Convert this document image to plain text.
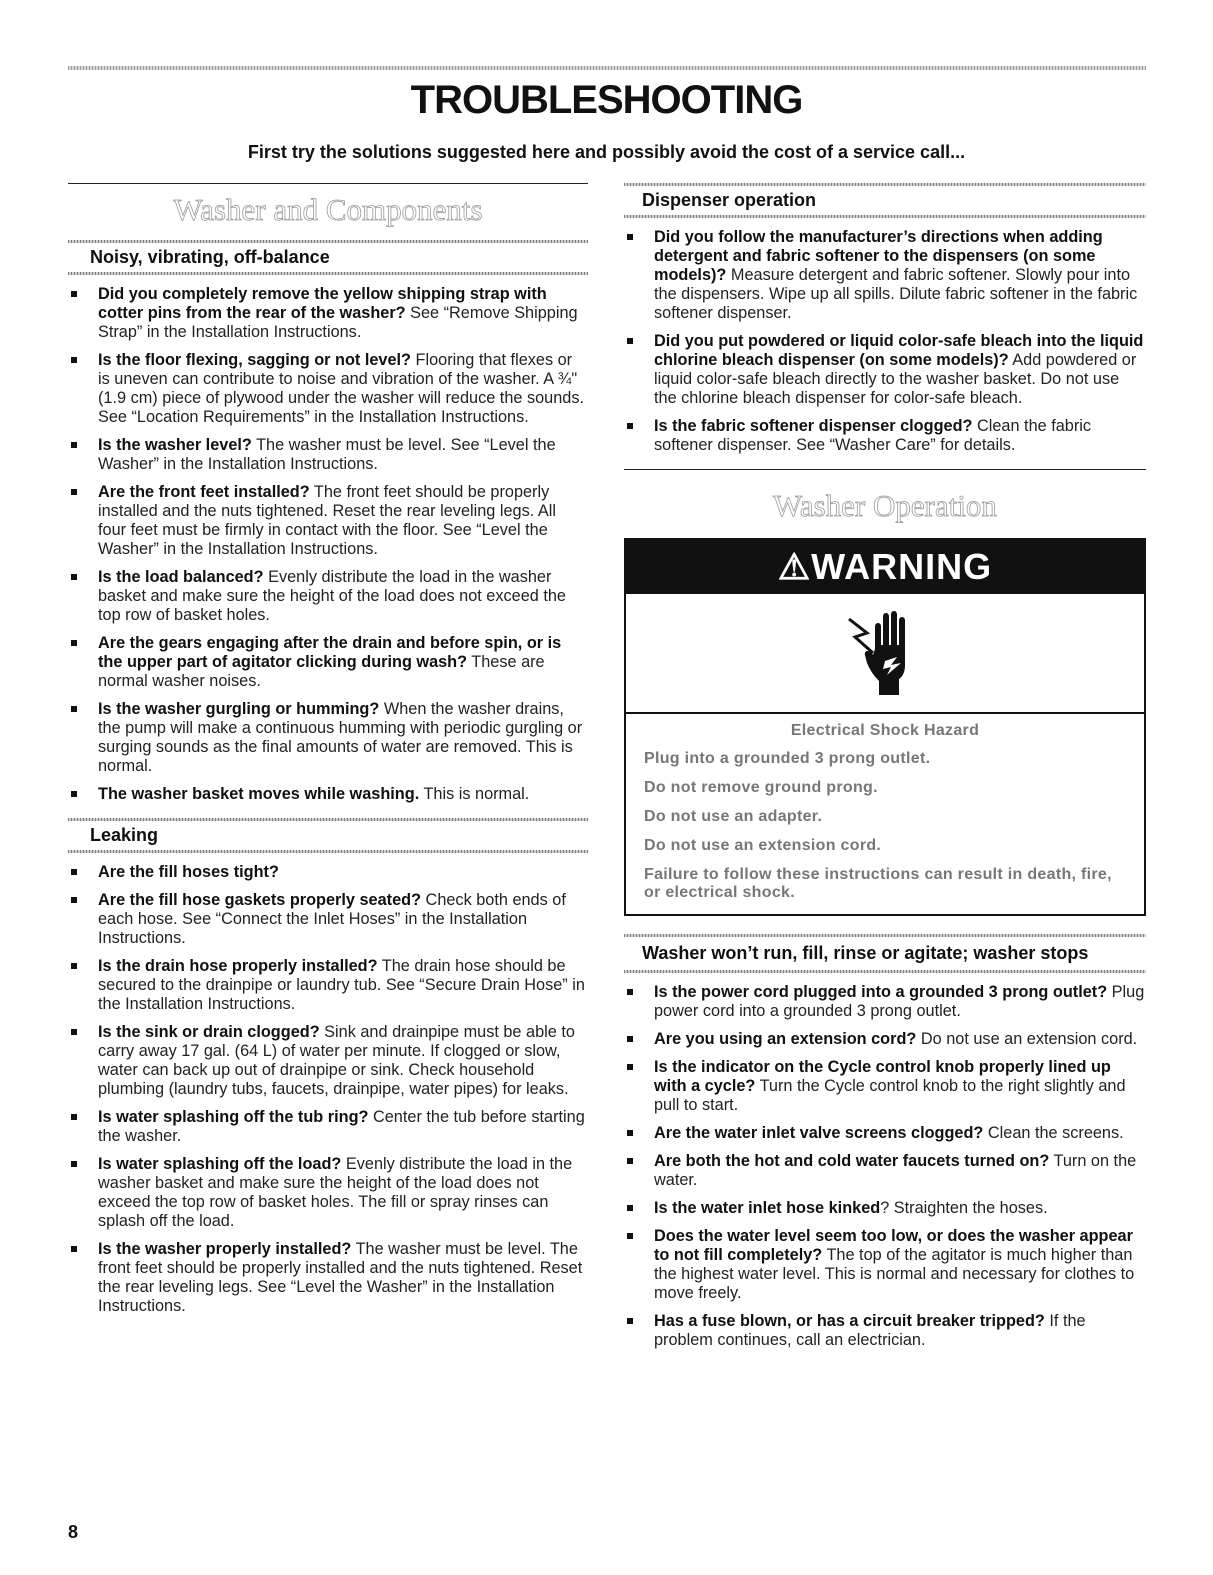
TROUBLESHOOTING

First try the solutions suggested here and possibly avoid the cost of a service call...

Washer and Components
Noisy, vibrating, off-balance
Did you completely remove the yellow shipping strap with cotter pins from the rear of the washer? See “Remove Shipping Strap” in the Installation Instructions.
Is the floor flexing, sagging or not level? Flooring that flexes or is uneven can contribute to noise and vibration of the washer. A ¾" (1.9 cm) piece of plywood under the washer will reduce the sounds. See “Location Requirements” in the Installation Instructions.
Is the washer level? The washer must be level. See “Level the Washer” in the Installation Instructions.
Are the front feet installed? The front feet should be properly installed and the nuts tightened. Reset the rear leveling legs. All four feet must be firmly in contact with the floor. See “Level the Washer” in the Installation Instructions.
Is the load balanced? Evenly distribute the load in the washer basket and make sure the height of the load does not exceed the top row of basket holes.
Are the gears engaging after the drain and before spin, or is the upper part of agitator clicking during wash? These are normal washer noises.
Is the washer gurgling or humming? When the washer drains, the pump will make a continuous humming with periodic gurgling or surging sounds as the final amounts of water are removed. This is normal.
The washer basket moves while washing. This is normal.
Leaking
Are the fill hoses tight?
Are the fill hose gaskets properly seated? Check both ends of each hose. See “Connect the Inlet Hoses” in the Installation Instructions.
Is the drain hose properly installed? The drain hose should be secured to the drainpipe or laundry tub. See “Secure Drain Hose” in the Installation Instructions.
Is the sink or drain clogged? Sink and drainpipe must be able to carry away 17 gal. (64 L) of water per minute. If clogged or slow, water can back up out of drainpipe or sink. Check household plumbing (laundry tubs, faucets, drainpipe, water pipes) for leaks.
Is water splashing off the tub ring? Center the tub before starting the washer.
Is water splashing off the load? Evenly distribute the load in the washer basket and make sure the height of the load does not exceed the top row of basket holes. The fill or spray rinses can splash off the load.
Is the washer properly installed? The washer must be level. The front feet should be properly installed and the nuts tightened. Reset the rear leveling legs. See “Level the Washer” in the Installation Instructions.
Dispenser operation
Did you follow the manufacturer’s directions when adding detergent and fabric softener to the dispensers (on some models)? Measure detergent and fabric softener. Slowly pour into the dispensers. Wipe up all spills. Dilute fabric softener in the fabric softener dispenser.
Did you put powdered or liquid color-safe bleach into the liquid chlorine bleach dispenser (on some models)? Add powdered or liquid color-safe bleach directly to the washer basket. Do not use the chlorine bleach dispenser for color-safe bleach.
Is the fabric softener dispenser clogged? Clean the fabric softener dispenser. See “Washer Care” for details.
Washer Operation
⚠WARNING

Electrical Shock Hazard

Plug into a grounded 3 prong outlet.

Do not remove ground prong.

Do not use an adapter.

Do not use an extension cord.

Failure to follow these instructions can result in death, fire, or electrical shock.

Washer won’t run, fill, rinse or agitate; washer stops
Is the power cord plugged into a grounded 3 prong outlet? Plug power cord into a grounded 3 prong outlet.
Are you using an extension cord? Do not use an extension cord.
Is the indicator on the Cycle control knob properly lined up with a cycle? Turn the Cycle control knob to the right slightly and pull to start.
Are the water inlet valve screens clogged? Clean the screens.
Are both the hot and cold water faucets turned on? Turn on the water.
Is the water inlet hose kinked? Straighten the hoses.
Does the water level seem too low, or does the washer appear to not fill completely? The top of the agitator is much higher than the highest water level. This is normal and necessary for clothes to move freely.
Has a fuse blown, or has a circuit breaker tripped? If the problem continues, call an electrician.

8
